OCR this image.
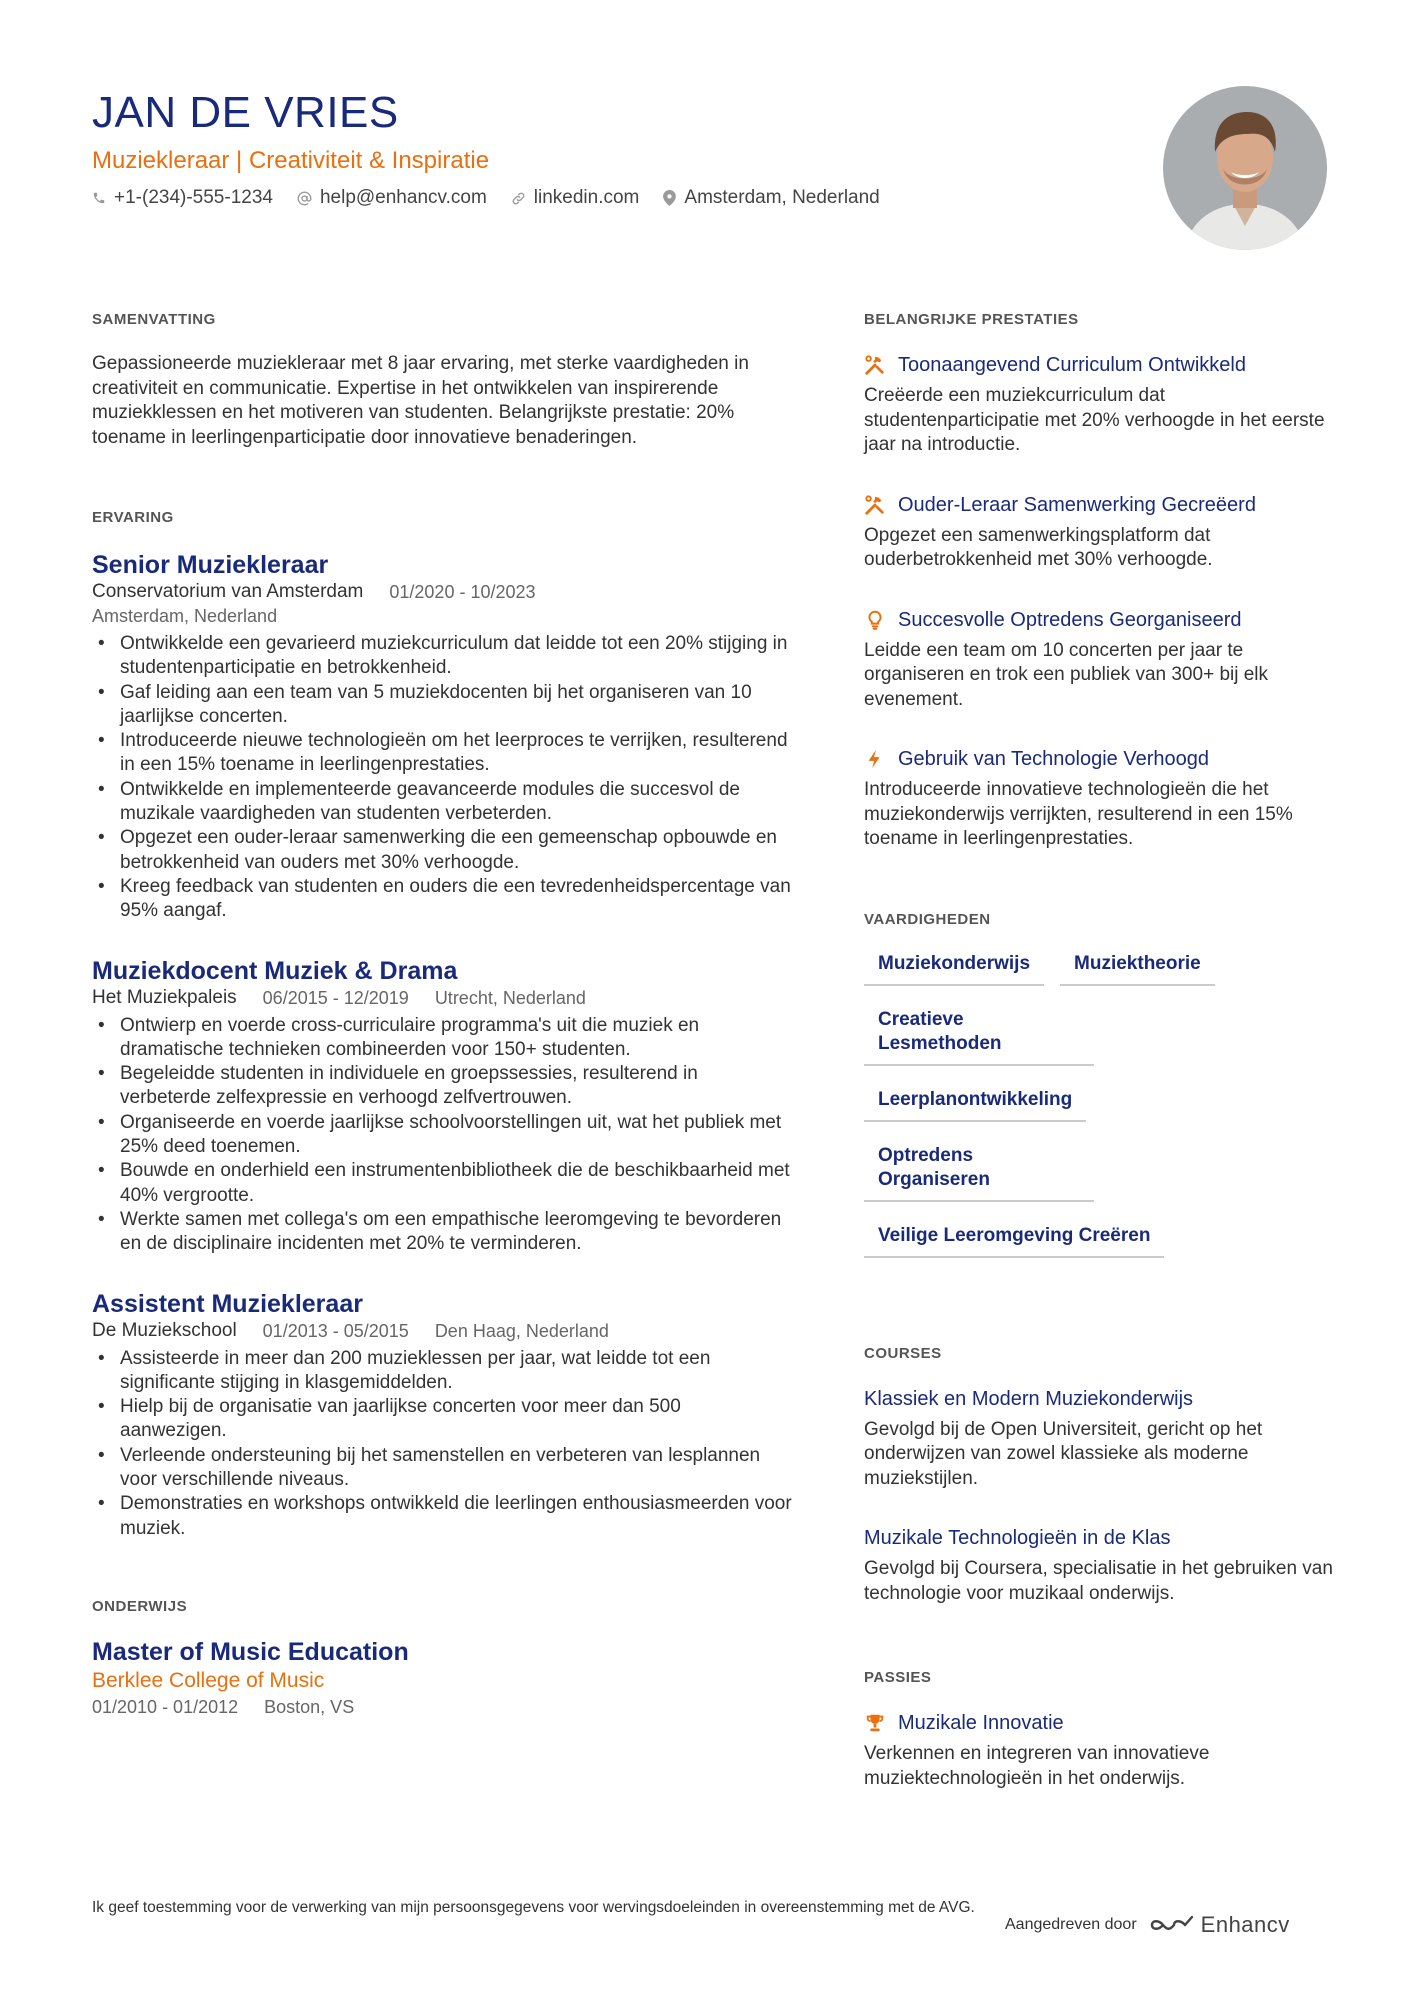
JAN DE VRIES
Muziekleraar | Creativiteit & Inspiratie
+1-(234)-555-1234 help@enhancv.com linkedin.com Amsterdam, Nederland
SAMENVATTING

Gepassioneerde muziekleraar met 8 jaar ervaring, met sterke vaardigheden in creativiteit en communicatie. Expertise in het ontwikkelen van inspirerende muziekklessen en het motiveren van studenten. Belangrijkste prestatie: 20% toename in leerlingenparticipatie door innovatieve benaderingen.

ERVARING
Senior Muziekleraar
Conservatorium van Amsterdam 01/2020 - 10/2023
Amsterdam, Nederland
• Ontwikkelde een gevarieerd muziekcurriculum dat leidde tot een 20% stijging in studentenparticipatie en betrokkenheid.
• Gaf leiding aan een team van 5 muziekdocenten bij het organiseren van 10 jaarlijkse concerten.
• Introduceerde nieuwe technologieën om het leerproces te verrijken, resulterend in een 15% toename in leerlingenprestaties.
• Ontwikkelde en implementeerde geavanceerde modules die succesvol de muzikale vaardigheden van studenten verbeterden.
• Opgezet een ouder-leraar samenwerking die een gemeenschap opbouwde en betrokkenheid van ouders met 30% verhoogde.
• Kreeg feedback van studenten en ouders die een tevredenheidspercentage van 95% aangaf.
Muziekdocent Muziek & Drama
Het Muziekpaleis 06/2015 - 12/2019 Utrecht, Nederland
• Ontwierp en voerde cross-curriculaire programma's uit die muziek en dramatische technieken combineerden voor 150+ studenten.
• Begeleidde studenten in individuele en groepssessies, resulterend in verbeterde zelfexpressie en verhoogd zelfvertrouwen.
• Organiseerde en voerde jaarlijkse schoolvoorstellingen uit, wat het publiek met 25% deed toenemen.
• Bouwde en onderhield een instrumentenbibliotheek die de beschikbaarheid met 40% vergrootte.
• Werkte samen met collega's om een empathische leeromgeving te bevorderen en de disciplinaire incidenten met 20% te verminderen.
Assistent Muziekleraar
De Muziekschool 01/2013 - 05/2015 Den Haag, Nederland
• Assisteerde in meer dan 200 muzieklessen per jaar, wat leidde tot een significante stijging in klasgemiddelden.
• Hielp bij de organisatie van jaarlijkse concerten voor meer dan 500 aanwezigen.
• Verleende ondersteuning bij het samenstellen en verbeteren van lesplannen voor verschillende niveaus.
• Demonstraties en workshops ontwikkeld die leerlingen enthousiasmeerden voor muziek.
ONDERWIJS
Master of Music Education
Berklee College of Music
01/2010 - 01/2012 Boston, VS
BELANGRIJKE PRESTATIES
Toonaangevend Curriculum Ontwikkeld
Creëerde een muziekcurriculum dat studentenparticipatie met 20% verhoogde in het eerste jaar na introductie.
Ouder-Leraar Samenwerking Gecreëerd
Opgezet een samenwerkingsplatform dat ouderbetrokkenheid met 30% verhoogde.
Succesvolle Optredens Georganiseerd
Leidde een team om 10 concerten per jaar te organiseren en trok een publiek van 300+ bij elk evenement.
Gebruik van Technologie Verhoogd
Introduceerde innovatieve technologieën die het muziekonderwijs verrijkten, resulterend in een 15% toename in leerlingenprestaties.
VAARDIGHEDEN
Muziekonderwijs	Muziektheorie
Creatieve Lesmethoden
Leerplanontwikkeling
Optredens Organiseren
Veilige Leeromgeving Creëren
COURSES
Klassiek en Modern Muziekonderwijs
Gevolgd bij de Open Universiteit, gericht op het onderwijzen van zowel klassieke als moderne muziekstijlen.
Muzikale Technologieën in de Klas
Gevolgd bij Coursera, specialisatie in het gebruiken van technologie voor muzikaal onderwijs.
PASSIES
Muzikale Innovatie
Verkennen en integreren van innovatieve muziektechnologieën in het onderwijs.
Ik geef toestemming voor de verwerking van mijn persoonsgegevens voor wervingsdoeleinden in overeenstemming met de AVG.
Aangedreven door	Enhancv
